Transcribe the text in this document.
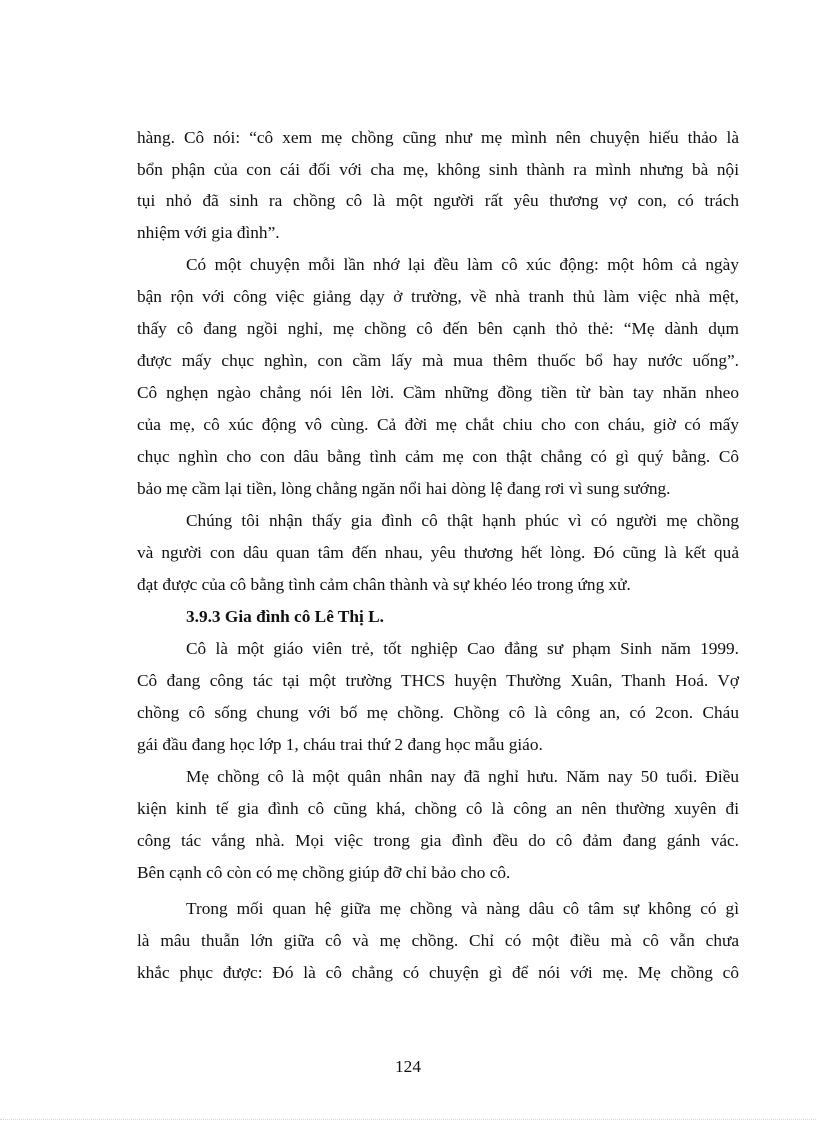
hàng. Cô nói: “cô xem mẹ chồng cũng như mẹ mình nên chuyện hiếu thảo là
bổn phận của con cái đối với cha mẹ, không sinh thành ra mình nhưng bà nội
tụi nhỏ đã sinh ra chồng cô là một người rất yêu thương vợ con, có trách
nhiệm với gia đình”.
Có một chuyện mỗi lần nhớ lại đều làm cô xúc động: một hôm cả ngày
bận rộn với công việc giảng dạy ở trường, về nhà tranh thủ làm việc nhà mệt,
thấy cô đang ngồi nghỉ, mẹ chồng cô đến bên cạnh thỏ thẻ: “Mẹ dành dụm
được mấy chục nghìn, con cầm lấy mà mua thêm thuốc bổ hay nước uống”.
Cô nghẹn ngào chẳng nói lên lời. Cầm những đồng tiền từ bàn tay nhăn nheo
của mẹ, cô xúc động vô cùng. Cả đời mẹ chắt chiu cho con cháu, giờ có mấy
chục nghìn cho con dâu bằng tình cảm mẹ con thật chẳng có gì quý bằng. Cô
bảo mẹ cầm lại tiền, lòng chẳng ngăn nổi hai dòng lệ đang rơi vì sung sướng.
Chúng tôi nhận thấy gia đình cô thật hạnh phúc vì có người mẹ chồng
và người con dâu quan tâm đến nhau, yêu thương hết lòng. Đó cũng là kết quả
đạt được của cô bằng tình cảm chân thành và sự khéo léo trong ứng xử.
3.9.3 Gia đình cô Lê Thị L.
Cô là một giáo viên trẻ, tốt nghiệp Cao đẳng sư phạm Sinh năm 1999.
Cô đang công tác tại một trường THCS huyện Thường Xuân, Thanh Hoá. Vợ
chồng cô sống chung với bố mẹ chồng. Chồng cô là công an, có 2con. Cháu
gái đầu đang học lớp 1, cháu trai thứ 2 đang học mẫu giáo.
Mẹ chồng cô là một quân nhân nay đã nghỉ hưu. Năm nay 50 tuổi. Điều
kiện kinh tế gia đình cô cũng khá, chồng cô là công an nên thường xuyên đi
công tác vắng nhà. Mọi việc trong gia đình đều do cô đảm đang gánh vác.
Bên cạnh cô còn có mẹ chồng giúp đỡ chỉ bảo cho cô.
Trong mối quan hệ giữa mẹ chồng và nàng dâu cô tâm sự không có gì
là mâu thuẫn lớn giữa cô và mẹ chồng. Chỉ có một điều mà cô vẫn chưa
khắc phục được: Đó là cô chẳng có chuyện gì để nói với mẹ. Mẹ chồng cô
124
